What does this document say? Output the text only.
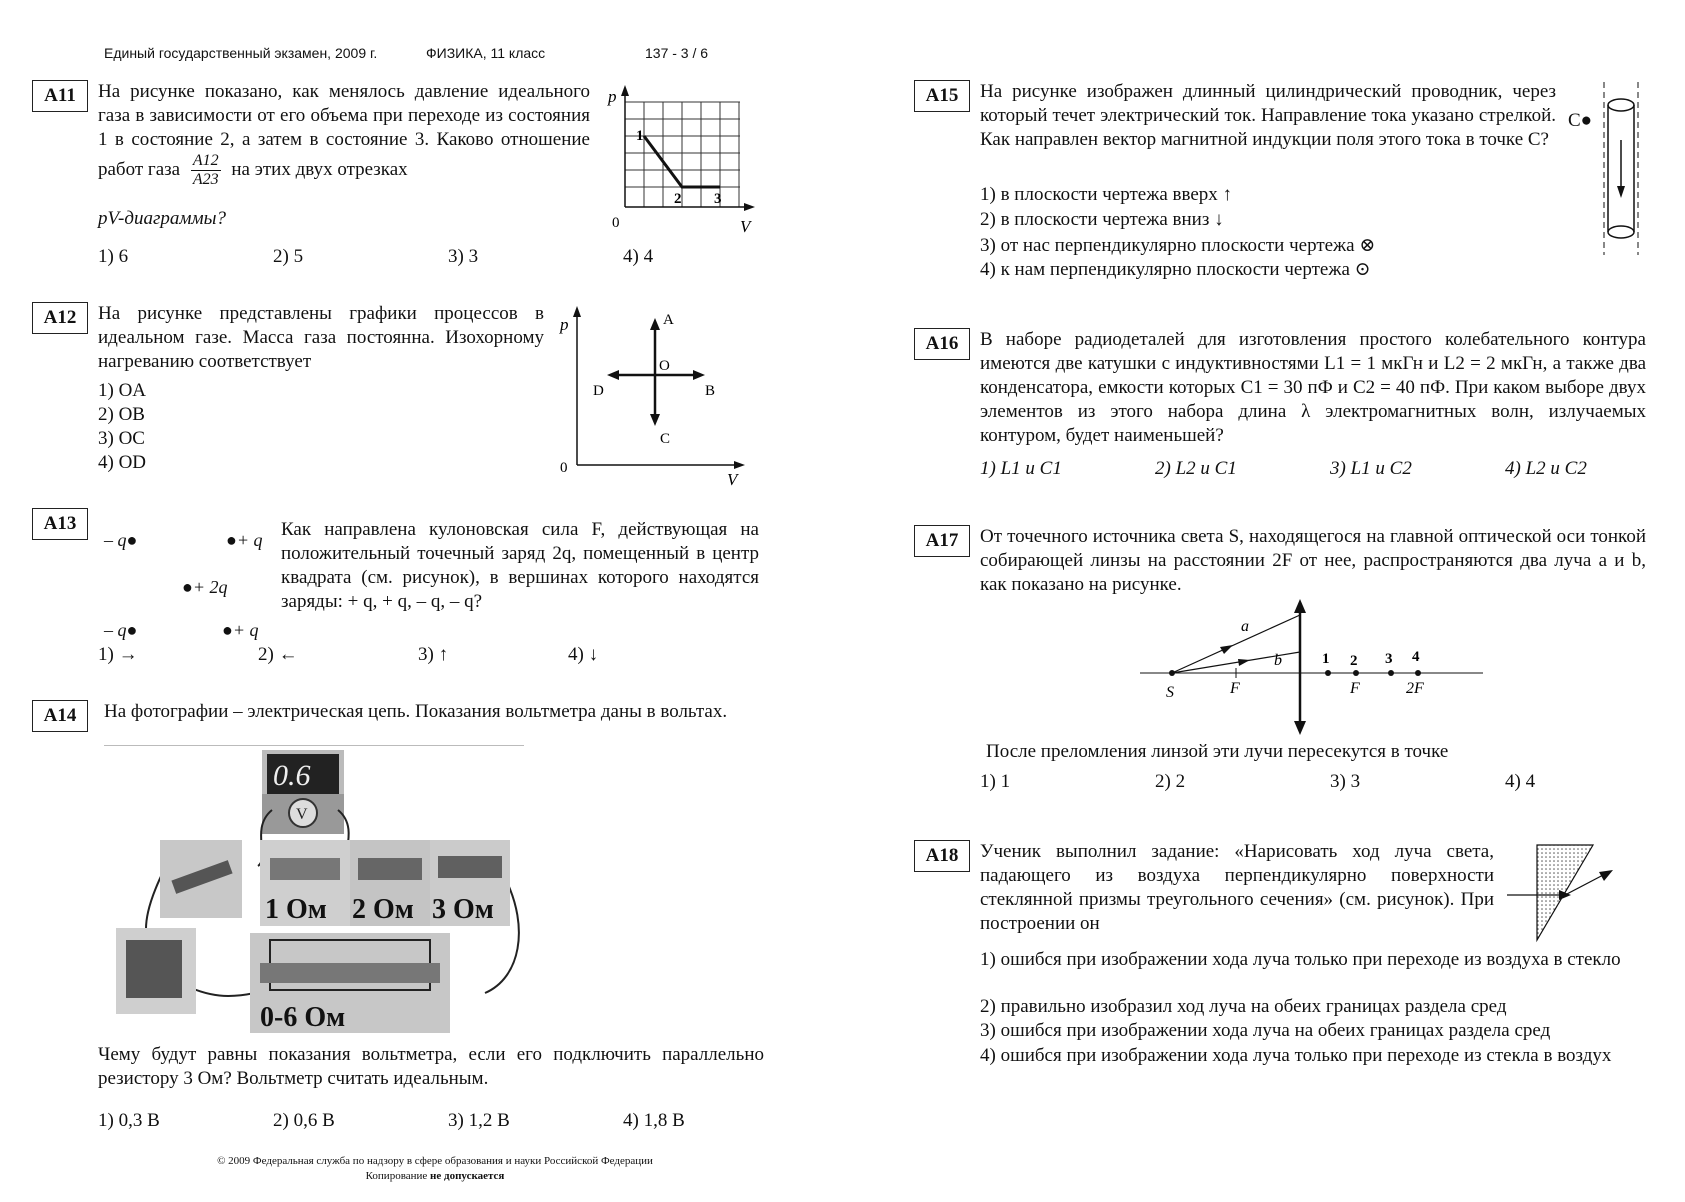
Единый государственный экзамен, 2009 г.	ФИЗИКА, 11 класс	137 - 3 / 6
A11	На рисунке показано, как менялось давление идеального газа в зависимости от его объема при переходе из состояния 1 в состояние 2, а затем в состояние 3. Каково отношение работ газа $\frac{A12}{A23}$ на этих двух отрезках
pV-диаграммы?
1) 6	2) 5	3) 3	4) 4
p
V
0
1
2 3
A12	На рисунке представлены графики процессов в идеальном газе. Масса газа постоянна. Изохорному нагреванию соответствует
1) OA
2) OB
3) OC
4) OD
p
V
0
A
B
C
D
O
A13
– q●	●+ q
●+ 2q
– q●	●+ q
Как направлена кулоновская сила F, действующая на положительный точечный заряд 2q, помещенный в центр квадрата (см. рисунок), в вершинах которого находятся заряды: + q, + q, – q, – q?
1) →	2) ←	3) ↑	4) ↓
A14	На фотографии – электрическая цепь. Показания вольтметра даны в вольтах.
0.6
V
1 Ом 2 Ом 3 Ом
0-6 Ом
Чему будут равны показания вольтметра, если его подключить параллельно резистору 3 Ом? Вольтметр считать идеальным.
1) 0,3 В	2) 0,6 В	3) 1,2 В	4) 1,8 В
© 2009 Федеральная служба по надзору в сфере образования и науки Российской Федерации
Копирование не допускается
A15	На рисунке изображен длинный цилиндрический проводник, через который течет электрический ток. Направление тока указано стрелкой. Как направлен вектор магнитной индукции поля этого тока в точке С?
1) в плоскости чертежа вверх ↑
2) в плоскости чертежа вниз ↓
3) от нас перпендикулярно плоскости чертежа ⊗
4) к нам перпендикулярно плоскости чертежа ⊙
C●
A16	В наборе радиодеталей для изготовления простого колебательного контура имеются две катушки с индуктивностями L1 = 1 мкГн и L2 = 2 мкГн, а также два конденсатора, емкости которых C1 = 30 пФ и C2 = 40 пФ. При каком выборе двух элементов из этого набора длина λ электромагнитных волн, излучаемых контуром, будет наименьшей?
1) L1 и C1	2) L2 и C1	3) L1 и C2	4) L2 и C2
A17	От точечного источника света S, находящегося на главной оптической оси тонкой собирающей линзы на расстоянии 2F от нее, распространяются два луча a и b, как показано на рисунке.
S	F	F	2F
a
b	1 2 3 4
После преломления линзой эти лучи пересекутся в точке
1) 1	2) 2	3) 3	4) 4
A18	Ученик выполнил задание: «Нарисовать ход луча света, падающего из воздуха перпендикулярно поверхности стеклянной призмы треугольного сечения» (см. рисунок). При построении он
1) ошибся при изображении хода луча только при переходе из воздуха в стекло
2) правильно изобразил ход луча на обеих границах раздела сред
3) ошибся при изображении хода луча на обеих границах раздела сред
4) ошибся при изображении хода луча только при переходе из стекла в воздух
